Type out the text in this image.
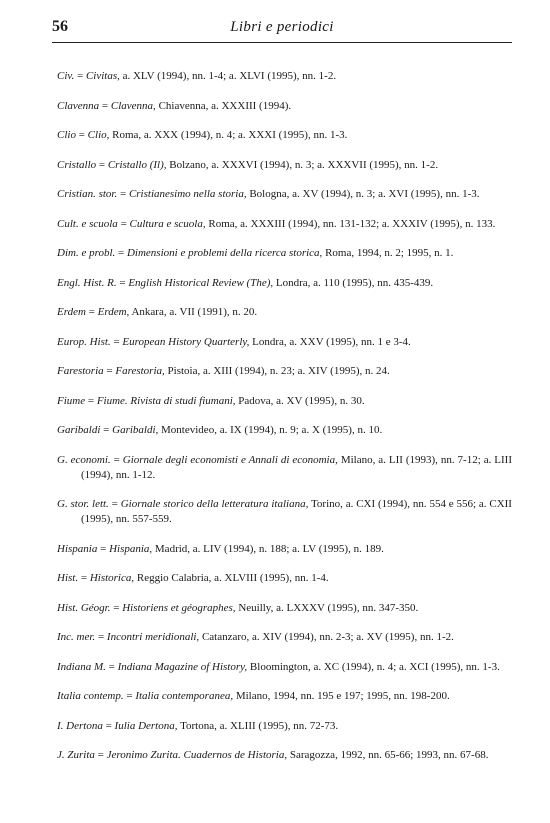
56	Libri e periodici

Civ. = Civitas, a. XLV (1994), nn. 1-4; a. XLVI (1995), nn. 1-2.

Clavenna = Clavenna, Chiavenna, a. XXXIII (1994).

Clio = Clio, Roma, a. XXX (1994), n. 4; a. XXXI (1995), nn. 1-3.

Cristallo = Cristallo (Il), Bolzano, a. XXXVI (1994), n. 3; a. XXXVII (1995), nn. 1-2.

Cristian. stor. = Cristianesimo nella storia, Bologna, a. XV (1994), n. 3; a. XVI (1995), nn. 1-3.

Cult. e scuola = Cultura e scuola, Roma, a. XXXIII (1994), nn. 131-132; a. XXXIV (1995), n. 133.

Dim. e probl. = Dimensioni e problemi della ricerca storica, Roma, 1994, n. 2; 1995, n. 1.

Engl. Hist. R. = English Historical Review (The), Londra, a. 110 (1995), nn. 435-439.

Erdem = Erdem, Ankara, a. VII (1991), n. 20.

Europ. Hist. = European History Quarterly, Londra, a. XXV (1995), nn. 1 e 3-4.

Farestoria = Farestoria, Pistoia, a. XIII (1994), n. 23; a. XIV (1995), n. 24.

Fiume = Fiume. Rivista di studi fiumani, Padova, a. XV (1995), n. 30.

Garibaldi = Garibaldi, Montevideo, a. IX (1994), n. 9; a. X (1995), n. 10.

G. economi. = Giornale degli economisti e Annali di economia, Milano, a. LII (1993), nn. 7-12; a. LIII (1994), nn. 1-12.

G. stor. lett. = Giornale storico della letteratura italiana, Torino, a. CXI (1994), nn. 554 e 556; a. CXII (1995), nn. 557-559.

Hispania = Hispania, Madrid, a. LIV (1994), n. 188; a. LV (1995), n. 189.

Hist. = Historica, Reggio Calabria, a. XLVIII (1995), nn. 1-4.

Hist. Géogr. = Historiens et géographes, Neuilly, a. LXXXV (1995), nn. 347-350.

Inc. mer. = Incontri meridionali, Catanzaro, a. XIV (1994), nn. 2-3; a. XV (1995), nn. 1-2.

Indiana M. = Indiana Magazine of History, Bloomington, a. XC (1994), n. 4; a. XCI (1995), nn. 1-3.

Italia contemp. = Italia contemporanea, Milano, 1994, nn. 195 e 197; 1995, nn. 198-200.

I. Dertona = Iulia Dertona, Tortona, a. XLIII (1995), nn. 72-73.

J. Zurita = Jeronimo Zurita. Cuadernos de Historia, Saragozza, 1992, nn. 65-66; 1993, nn. 67-68.
